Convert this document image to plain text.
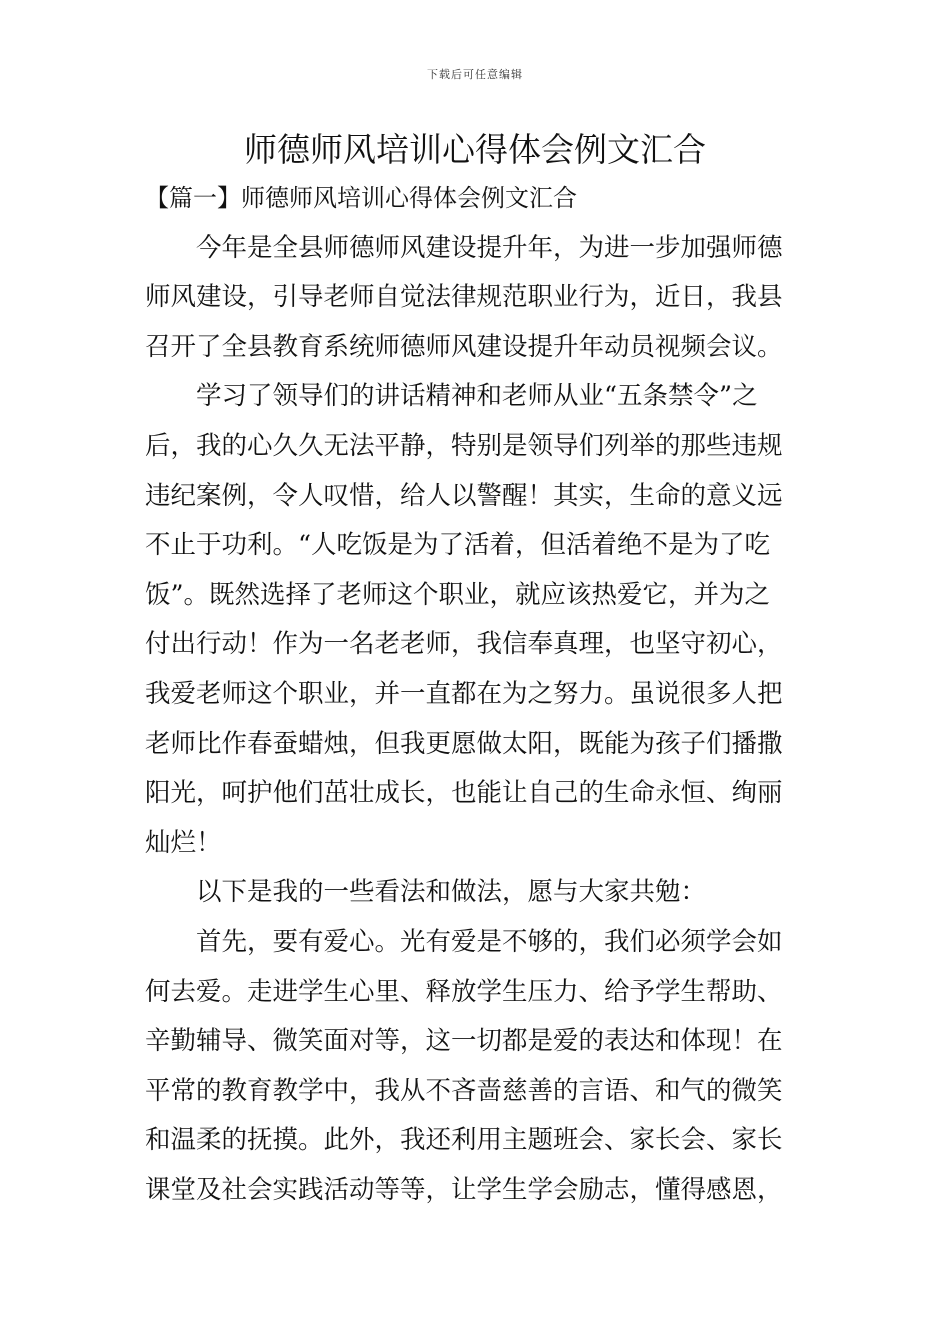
下载后可任意编辑
师德师风培训心得体会例文汇合

【篇一】师德师风培训心得体会例文汇合

　　今年是全县师德师风建设提升年，为进一步加强师德

师风建设，引导老师自觉法律规范职业行为，近日，我县

召开了全县教育系统师德师风建设提升年动员视频会议。

　　学习了领导们的讲话精神和老师从业“五条禁令”之

后，我的心久久无法平静，特别是领导们列举的那些违规

违纪案例，令人叹惜，给人以警醒！其实，生命的意义远

不止于功利。“人吃饭是为了活着，但活着绝不是为了吃

饭”。既然选择了老师这个职业，就应该热爱它，并为之

付出行动！作为一名老老师，我信奉真理，也坚守初心，

我爱老师这个职业，并一直都在为之努力。虽说很多人把

老师比作春蚕蜡烛，但我更愿做太阳，既能为孩子们播撒

阳光，呵护他们茁壮成长，也能让自己的生命永恒、绚丽

灿烂！

　　以下是我的一些看法和做法，愿与大家共勉：

　　首先，要有爱心。光有爱是不够的，我们必须学会如

何去爱。走进学生心里、释放学生压力、给予学生帮助、

辛勤辅导、微笑面对等，这一切都是爱的表达和体现！在

平常的教育教学中，我从不吝啬慈善的言语、和气的微笑

和温柔的抚摸。此外，我还利用主题班会、家长会、家长

课堂及社会实践活动等等，让学生学会励志，懂得感恩，
